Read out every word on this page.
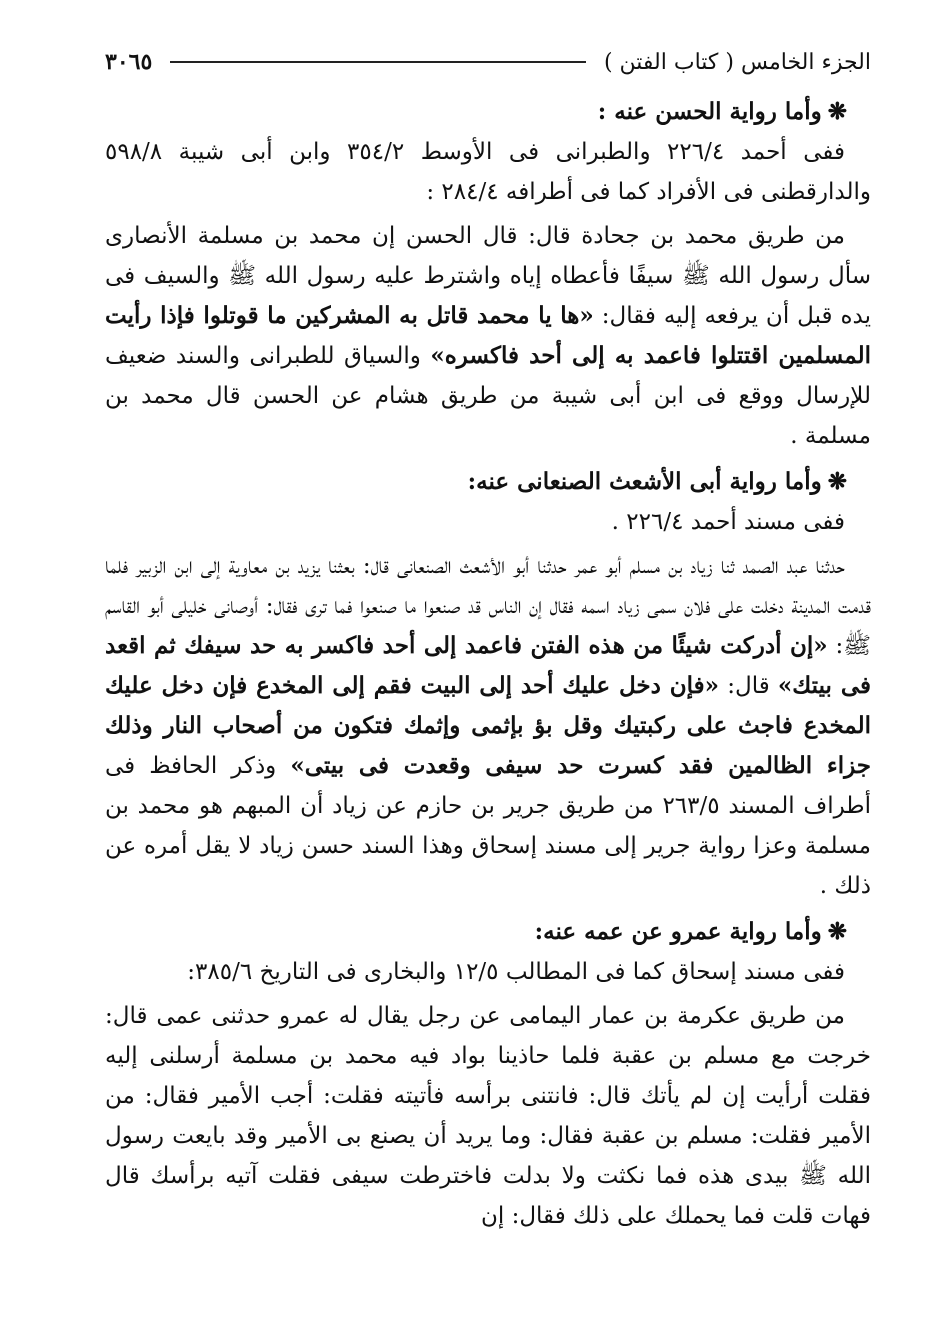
الجزء الخامس ( كتاب الفتن )
٣٠٦٥
❋وأما رواية الحسن عنه :

ففى أحمد ٢٢٦/٤ والطبرانى فى الأوسط ٣٥٤/٢ وابن أبى شيبة ٥٩٨/٨ والدارقطنى فى الأفراد كما فى أطرافه ٢٨٤/٤ :

من طريق محمد بن جحادة قال: قال الحسن إن محمد بن مسلمة الأنصارى سأل رسول الله ﷺ سيفًا فأعطاه إياه واشترط عليه رسول الله ﷺ والسيف فى يده قبل أن يرفعه إليه فقال: «ها يا محمد قاتل به المشركين ما قوتلوا فإذا رأيت المسلمين اقتتلوا فاعمد به إلى أحد فاكسره» والسياق للطبرانى والسند ضعيف للإرسال ووقع فى ابن أبى شيبة من طريق هشام عن الحسن قال محمد بن مسلمة .

❋وأما رواية أبى الأشعث الصنعانى عنه:

ففى مسند أحمد ٢٢٦/٤ .

حدثنا عبد الصمد ثنا زياد بن مسلم أبو عمر حدثنا أبو الأشعث الصنعانى قال: بعثنا يزيد بن معاوية إلى ابن الزبير فلما قدمت المدينة دخلت على فلان سمى زياد اسمه فقال إن الناس قد صنعوا ما صنعوا فما ترى فقال: أوصانى خليلى أبو القاسم ﷺ: «إن أدركت شيئًا من هذه الفتن فاعمد إلى أحد فاكسر به حد سيفك ثم اقعد فى بيتك» قال: «فإن دخل عليك أحد إلى البيت فقم إلى المخدع فإن دخل عليك المخدع فاجث على ركبتيك وقل بؤ بإثمى وإثمك فتكون من أصحاب النار وذلك جزاء الظالمين فقد كسرت حد سيفى وقعدت فى بيتى» وذكر الحافظ فى أطراف المسند ٢٦٣/٥ من طريق جرير بن حازم عن زياد أن المبهم هو محمد بن مسلمة وعزا رواية جرير إلى مسند إسحاق وهذا السند حسن زياد لا يقل أمره عن ذلك .

❋وأما رواية عمرو عن عمه عنه:

ففى مسند إسحاق كما فى المطالب ١٢/٥ والبخارى فى التاريخ ٣٨٥/٦:

من طريق عكرمة بن عمار اليمامى عن رجل يقال له عمرو حدثنى عمى قال: خرجت مع مسلم بن عقبة فلما حاذينا بواد فيه محمد بن مسلمة أرسلنى إليه فقلت أرأيت إن لم يأتك قال: فانتنى برأسه فأتيته فقلت: أجب الأمير فقال: من الأمير فقلت: مسلم بن عقبة فقال: وما يريد أن يصنع بى الأمير وقد بايعت رسول الله ﷺ بيدى هذه فما نكثت ولا بدلت فاخترطت سيفى فقلت آتيه برأسك قال فهات قلت فما يحملك على ذلك فقال: إن
